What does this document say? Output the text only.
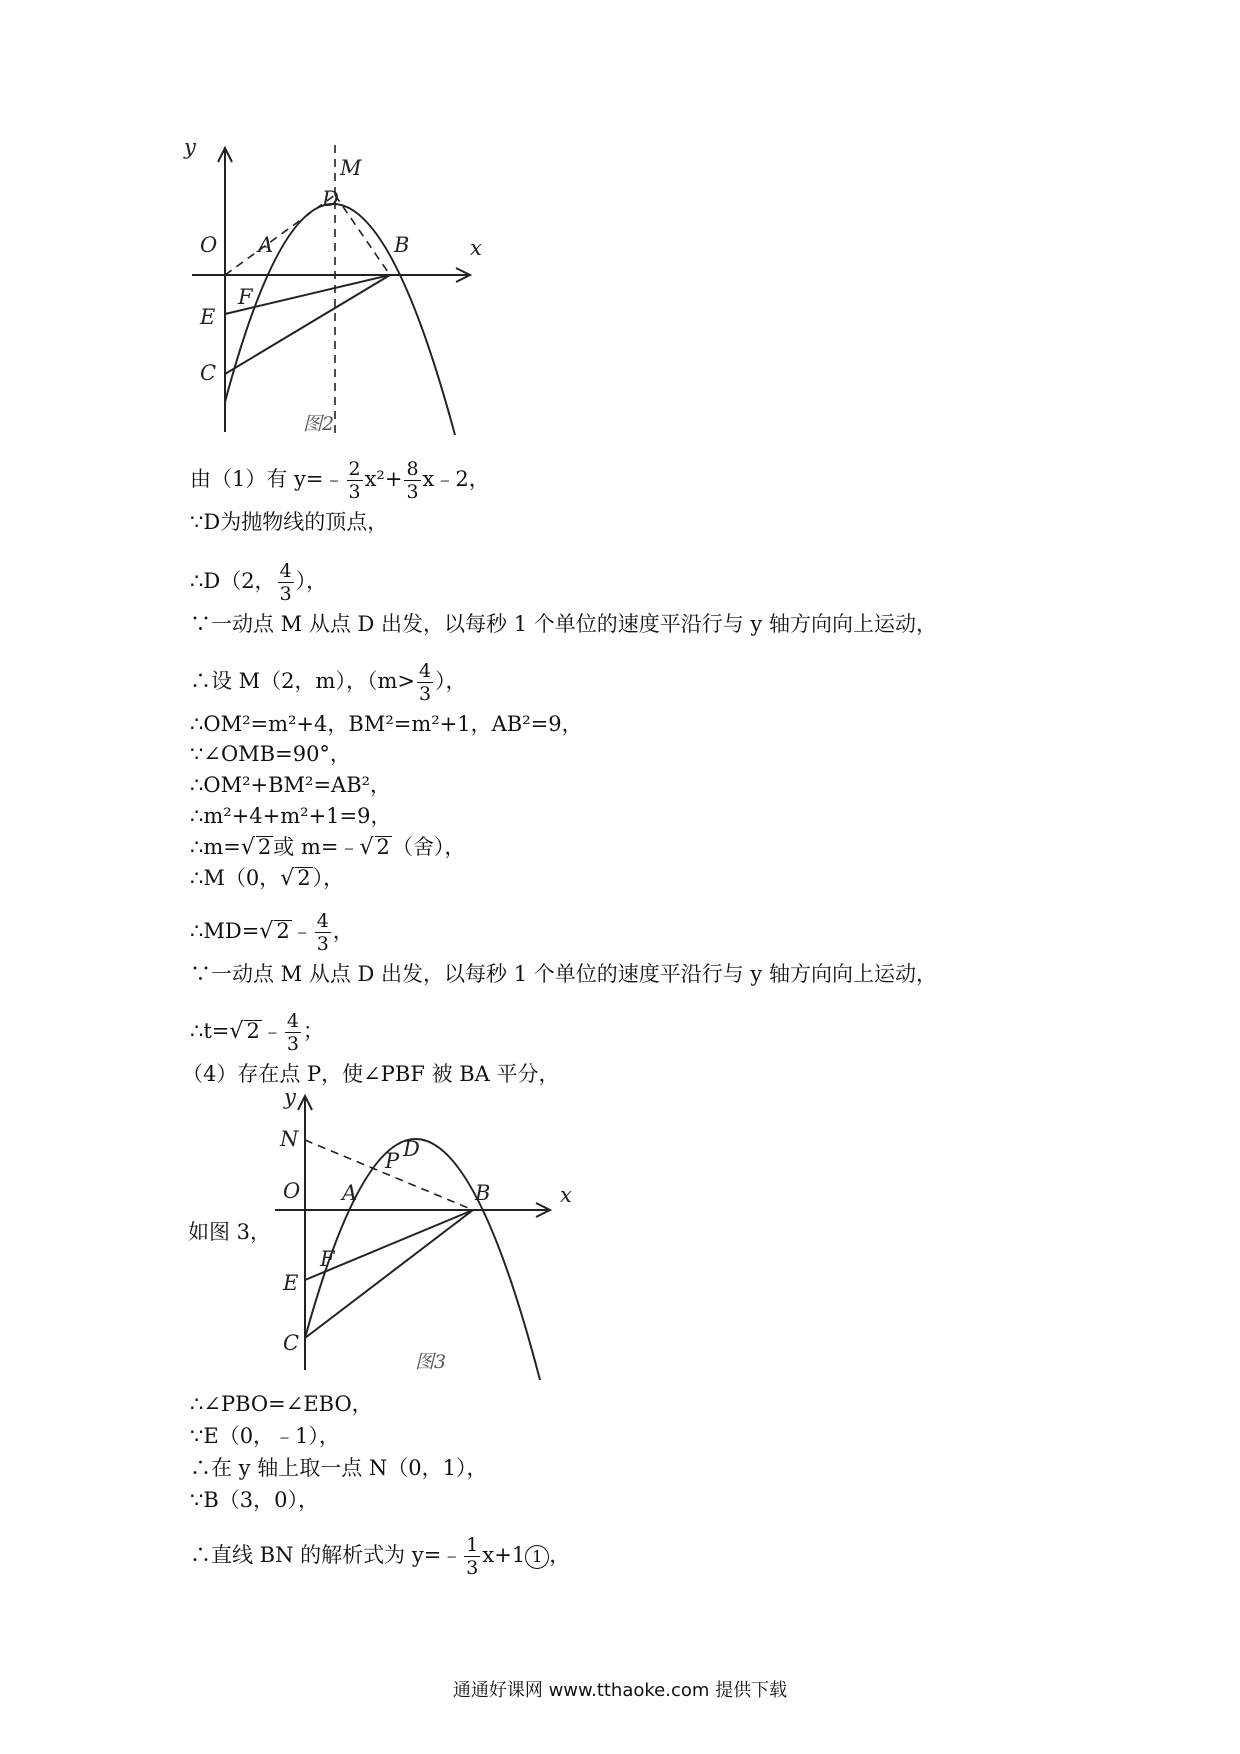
y
x
M
D
O A	B
F
E
C
图2
由（1）有 y=﹣ $\frac{2}{3} x^2+ \frac{8}{3}$ x﹣2，
∵D为抛物线的顶点，
∴D（2， $\frac{4}{3}$ ），
∵一动点 M 从点 D 出发，以每秒 1 个单位的速度平沿行与 y 轴方向向上运动，
∴设 M（2，m），（$m> \frac{4}{3}$ ），
∴OM²=m²+4，BM²=m²+1，AB²=9，
∵∠OMB=90°，
∴OM²+BM²=AB²，
∴m²+4+m²+1=9，
∴m=√ 2或 m=﹣√ 2（舍），
∴M（0，√ 2），
∴MD=√ 2﹣ $\frac{4}{3}$ ，
∵一动点 M 从点 D 出发，以每秒 1 个单位的速度平沿行与 y 轴方向向上运动，
∴t=√ 2﹣ $\frac{4}{3}$ ；
（4）存在点 P，使∠PBF 被 BA 平分，
y
x
N
P D
O A	B
F
E
C
图3
如图 3，
∴∠PBO=∠EBO，
∵E（0，﹣1），
∴在 y 轴上取一点 N（0，1），
∵B（3，0），
∴直线 BN 的解析式为 y=﹣ $\frac{1}{3} x+1$ 1 ，
通通好课网 www.tthaoke.com 提供下载
